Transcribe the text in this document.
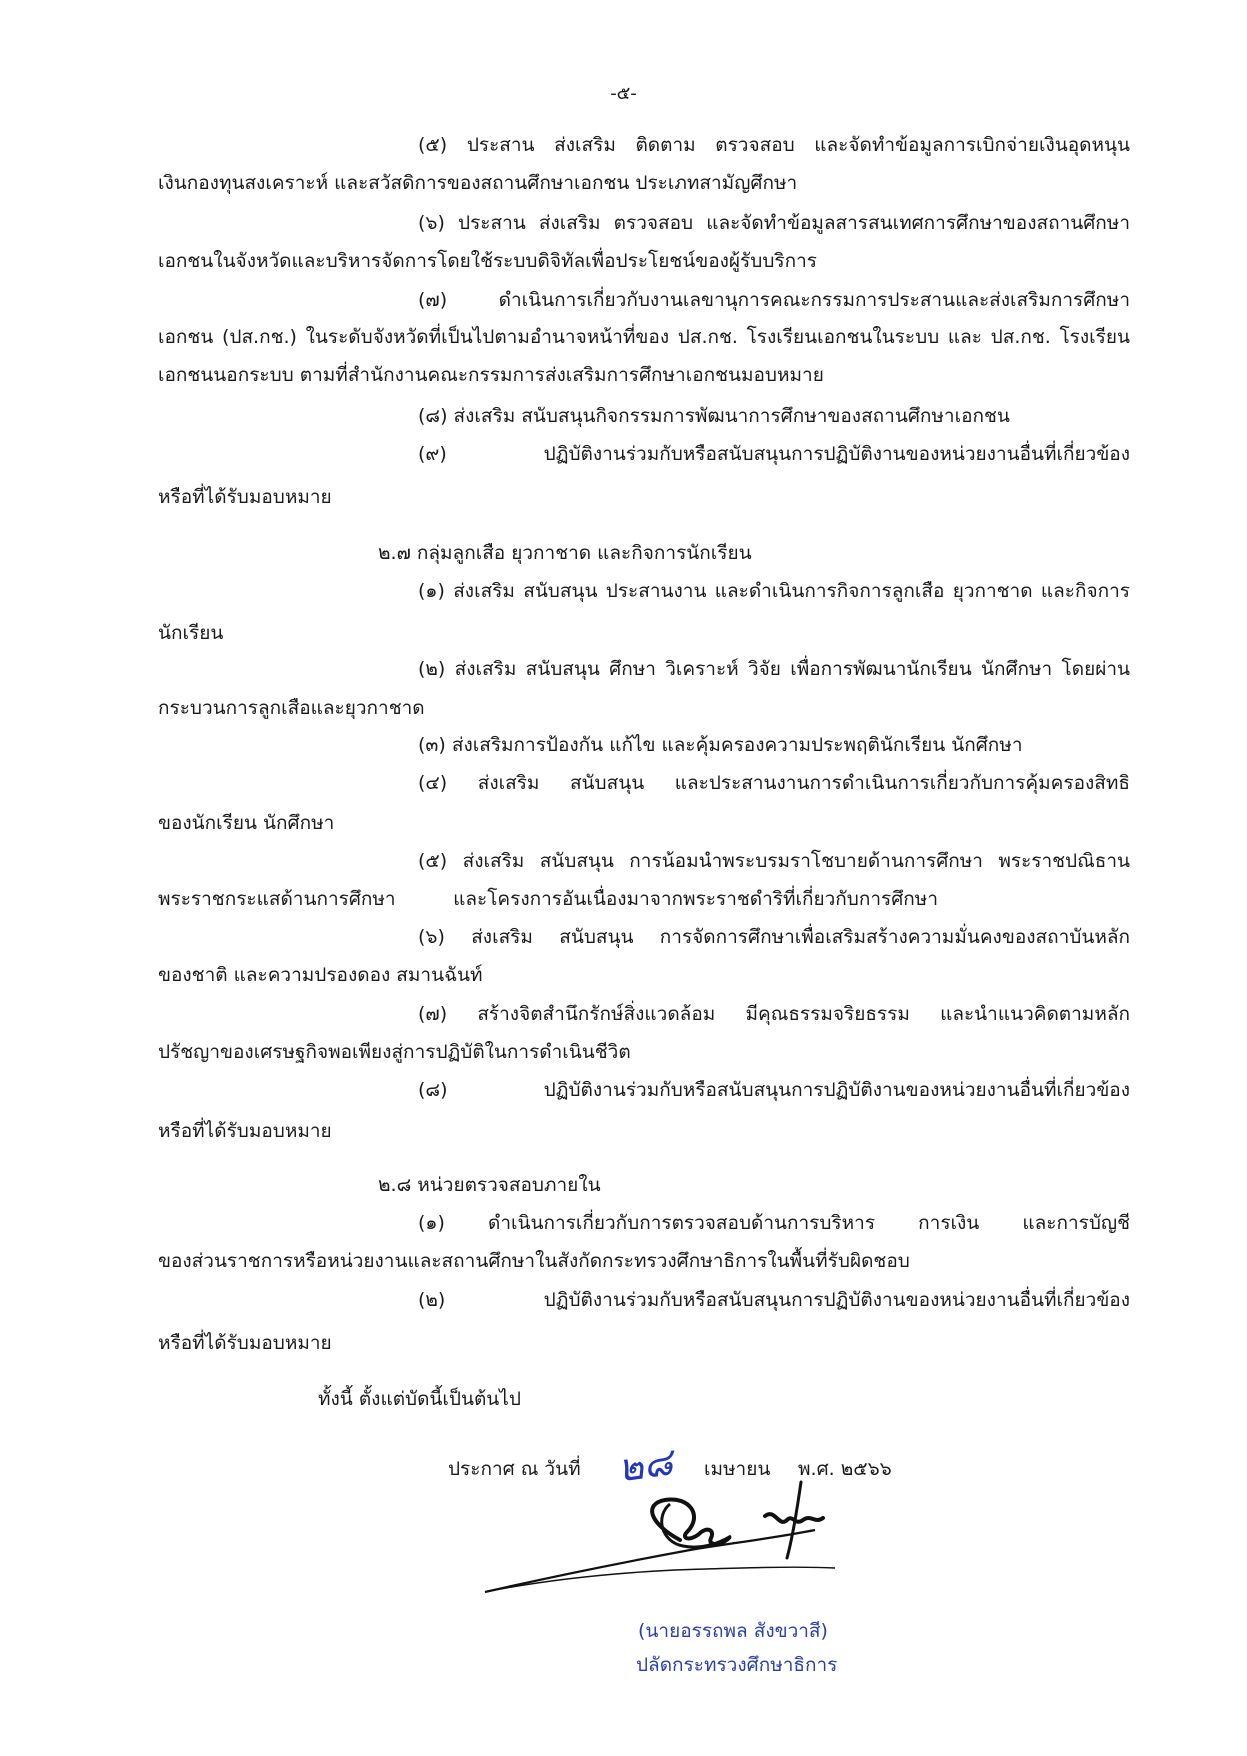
-๕-
(๕) ประสาน ส่งเสริม ติดตาม ตรวจสอบ และจัดทำข้อมูลการเบิกจ่ายเงินอุดหนุน
เงินกองทุนสงเคราะห์ และสวัสดิการของสถานศึกษาเอกชน ประเภทสามัญศึกษา
(๖) ประสาน ส่งเสริม ตรวจสอบ และจัดทำข้อมูลสารสนเทศการศึกษาของสถานศึกษา
เอกชนในจังหวัดและบริหารจัดการโดยใช้ระบบดิจิทัลเพื่อประโยชน์ของผู้รับบริการ
(๗) ดำเนินการเกี่ยวกับงานเลขานุการคณะกรรมการประสานและส่งเสริมการศึกษา
เอกชน (ปส.กช.) ในระดับจังหวัดที่เป็นไปตามอำนาจหน้าที่ของ ปส.กช. โรงเรียนเอกชนในระบบ และ ปส.กช. โรงเรียน
เอกชนนอกระบบ ตามที่สำนักงานคณะกรรมการส่งเสริมการศึกษาเอกชนมอบหมาย
(๘) ส่งเสริม สนับสนุนกิจกรรมการพัฒนาการศึกษาของสถานศึกษาเอกชน
(๙) ปฏิบัติงานร่วมกับหรือสนับสนุนการปฏิบัติงานของหน่วยงานอื่นที่เกี่ยวข้อง
หรือที่ได้รับมอบหมาย
๒.๗ กลุ่มลูกเสือ ยุวกาชาด และกิจการนักเรียน
(๑) ส่งเสริม สนับสนุน ประสานงาน และดำเนินการกิจการลูกเสือ ยุวกาชาด และกิจการ
นักเรียน
(๒) ส่งเสริม สนับสนุน ศึกษา วิเคราะห์ วิจัย เพื่อการพัฒนานักเรียน นักศึกษา โดยผ่าน
กระบวนการลูกเสือและยุวกาชาด
(๓) ส่งเสริมการป้องกัน แก้ไข และคุ้มครองความประพฤตินักเรียน นักศึกษา
(๔) ส่งเสริม สนับสนุน และประสานงานการดำเนินการเกี่ยวกับการคุ้มครองสิทธิ
ของนักเรียน นักศึกษา
(๕) ส่งเสริม สนับสนุน การน้อมนำพระบรมราโชบายด้านการศึกษา พระราชปณิธาน
พระราชกระแสด้านการศึกษา และโครงการอันเนื่องมาจากพระราชดำริที่เกี่ยวกับการศึกษา
(๖) ส่งเสริม สนับสนุน การจัดการศึกษาเพื่อเสริมสร้างความมั่นคงของสถาบันหลัก
ของชาติ และความปรองดอง สมานฉันท์
(๗) สร้างจิตสำนึกรักษ์สิ่งแวดล้อม มีคุณธรรมจริยธรรม และนำแนวคิดตามหลัก
ปรัชญาของเศรษฐกิจพอเพียงสู่การปฏิบัติในการดำเนินชีวิต
(๘) ปฏิบัติงานร่วมกับหรือสนับสนุนการปฏิบัติงานของหน่วยงานอื่นที่เกี่ยวข้อง
หรือที่ได้รับมอบหมาย
๒.๘ หน่วยตรวจสอบภายใน
(๑) ดำเนินการเกี่ยวกับการตรวจสอบด้านการบริหาร การเงิน และการบัญชี
ของส่วนราชการหรือหน่วยงานและสถานศึกษาในสังกัดกระทรวงศึกษาธิการในพื้นที่รับผิดชอบ
(๒) ปฏิบัติงานร่วมกับหรือสนับสนุนการปฏิบัติงานของหน่วยงานอื่นที่เกี่ยวข้อง
หรือที่ได้รับมอบหมาย
ทั้งนี้ ตั้งแต่บัดนี้เป็นต้นไป
ประกาศ ณ วันที่ ๒๘ เมษายน พ.ศ. ๒๕๖๖
(นายอรรถพล สังขวาสี)
ปลัดกระทรวงศึกษาธิการ
